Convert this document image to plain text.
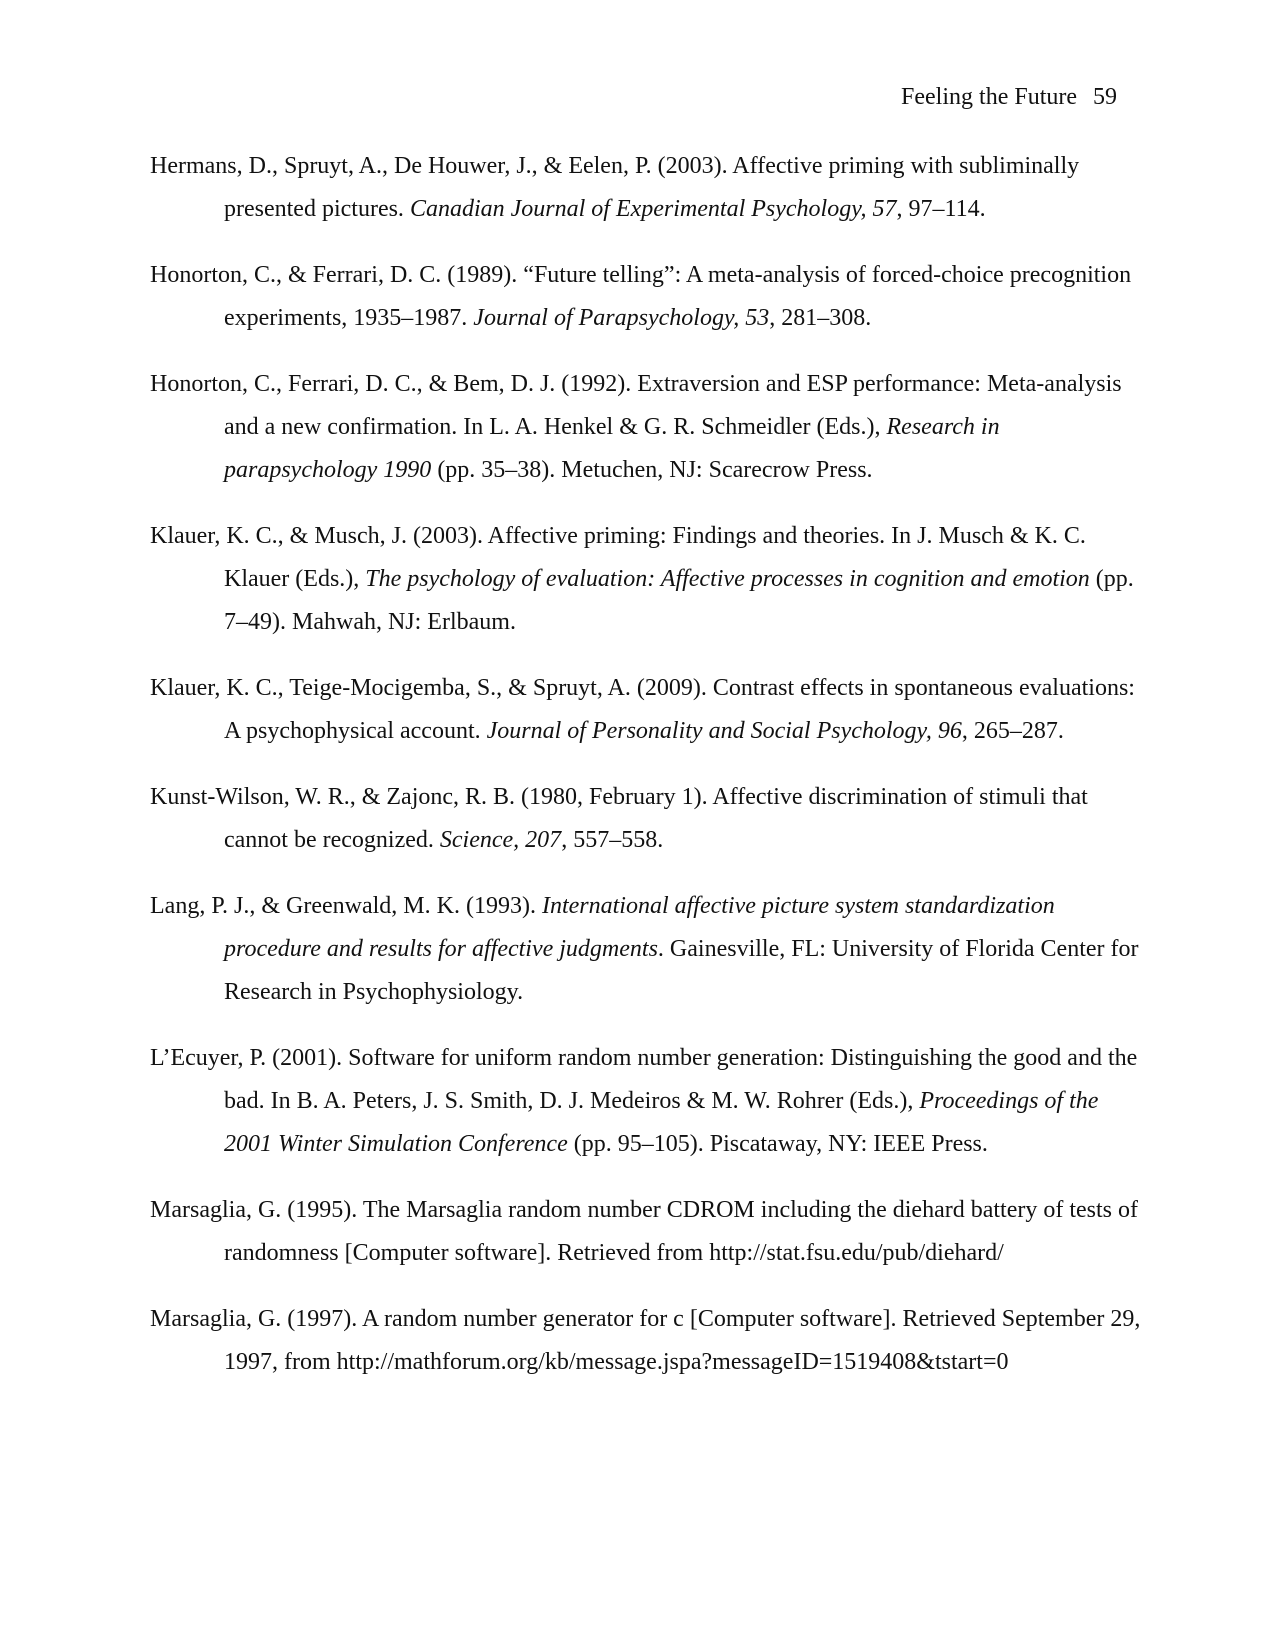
Feeling the Future 59
Hermans, D., Spruyt, A., De Houwer, J., & Eelen, P. (2003). Affective priming with subliminally presented pictures. Canadian Journal of Experimental Psychology, 57, 97–114.
Honorton, C., & Ferrari, D. C. (1989). “Future telling”: A meta-analysis of forced-choice precognition experiments, 1935–1987. Journal of Parapsychology, 53, 281–308.
Honorton, C., Ferrari, D. C., & Bem, D. J. (1992). Extraversion and ESP performance: Meta-analysis and a new confirmation. In L. A. Henkel & G. R. Schmeidler (Eds.), Research in parapsychology 1990 (pp. 35–38). Metuchen, NJ: Scarecrow Press.
Klauer, K. C., & Musch, J. (2003). Affective priming: Findings and theories. In J. Musch & K. C. Klauer (Eds.), The psychology of evaluation: Affective processes in cognition and emotion (pp. 7–49). Mahwah, NJ: Erlbaum.
Klauer, K. C., Teige-Mocigemba, S., & Spruyt, A. (2009). Contrast effects in spontaneous evaluations: A psychophysical account. Journal of Personality and Social Psychology, 96, 265–287.
Kunst-Wilson, W. R., & Zajonc, R. B. (1980, February 1). Affective discrimination of stimuli that cannot be recognized. Science, 207, 557–558.
Lang, P. J., & Greenwald, M. K. (1993). International affective picture system standardization procedure and results for affective judgments. Gainesville, FL: University of Florida Center for Research in Psychophysiology.
L’Ecuyer, P. (2001). Software for uniform random number generation: Distinguishing the good and the bad. In B. A. Peters, J. S. Smith, D. J. Medeiros & M. W. Rohrer (Eds.), Proceedings of the 2001 Winter Simulation Conference (pp. 95–105). Piscataway, NY: IEEE Press.
Marsaglia, G. (1995). The Marsaglia random number CDROM including the diehard battery of tests of randomness [Computer software]. Retrieved from http://stat.fsu.edu/pub/diehard/
Marsaglia, G. (1997). A random number generator for c [Computer software]. Retrieved September 29, 1997, from http://mathforum.org/kb/message.jspa?messageID=1519408&tstart=0
